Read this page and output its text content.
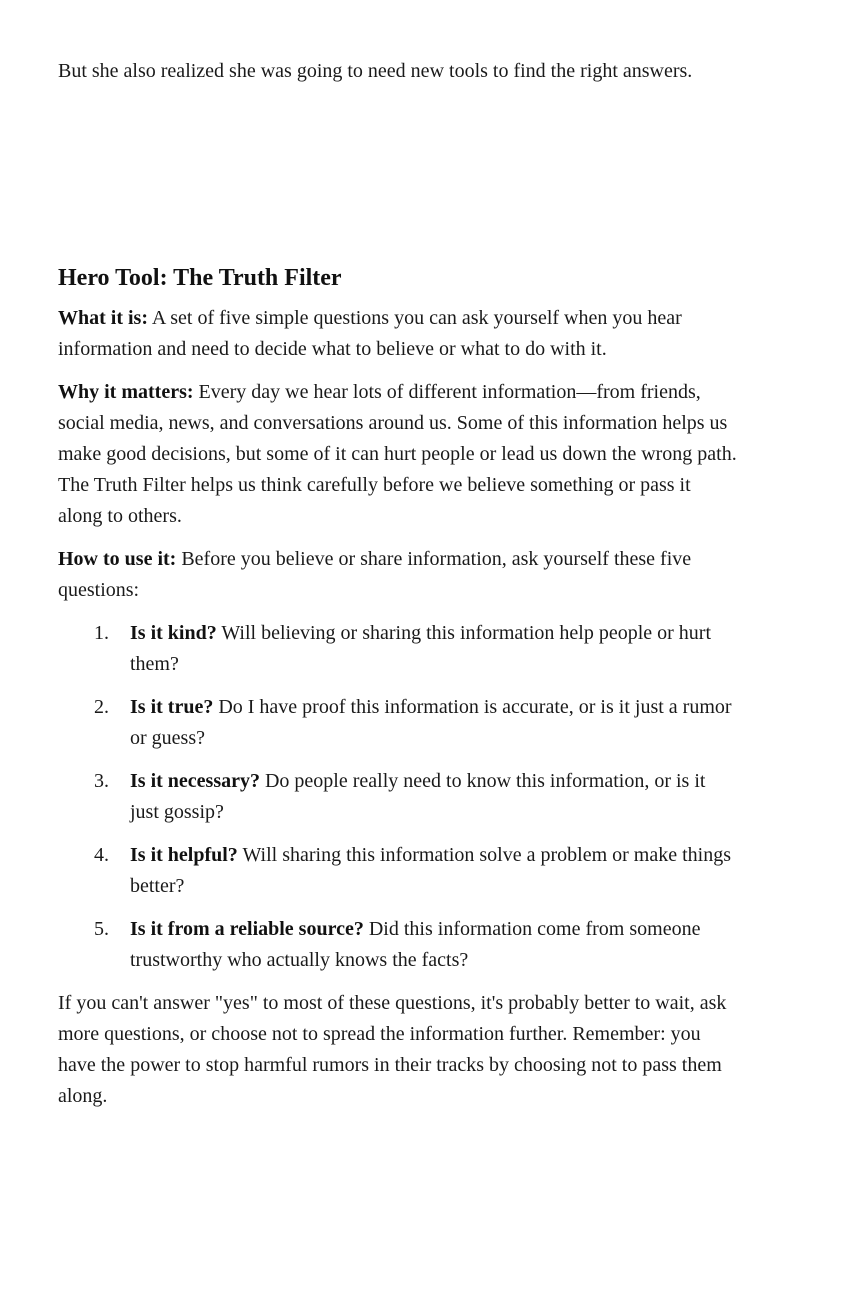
But she also realized she was going to need new tools to find the right answers.

Hero Tool: The Truth Filter

What it is: A set of five simple questions you can ask yourself when you hear information and need to decide what to believe or what to do with it.

Why it matters: Every day we hear lots of different information—from friends, social media, news, and conversations around us. Some of this information helps us make good decisions, but some of it can hurt people or lead us down the wrong path. The Truth Filter helps us think carefully before we believe something or pass it along to others.

How to use it: Before you believe or share information, ask yourself these five questions:

1. Is it kind? Will believing or sharing this information help people or hurt them?
2. Is it true? Do I have proof this information is accurate, or is it just a rumor or guess?
3. Is it necessary? Do people really need to know this information, or is it just gossip?
4. Is it helpful? Will sharing this information solve a problem or make things better?
5. Is it from a reliable source? Did this information come from someone trustworthy who actually knows the facts?

If you can't answer "yes" to most of these questions, it's probably better to wait, ask more questions, or choose not to spread the information further. Remember: you have the power to stop harmful rumors in their tracks by choosing not to pass them along.
